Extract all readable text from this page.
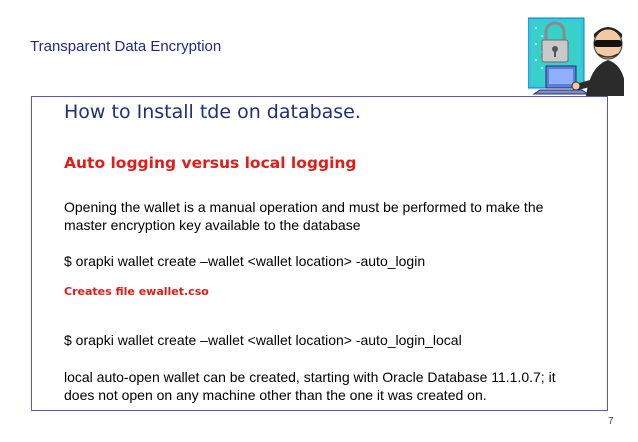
Transparent Data Encryption
How to Install tde on database.
Auto logging versus local logging
Opening the wallet is a manual operation and must be performed to make the master encryption key available to the database
$ orapki wallet create –wallet <wallet location> -auto_login
Creates file ewallet.cso
$ orapki wallet create –wallet <wallet location> -auto_login_local
local auto-open wallet can be created, starting with Oracle Database 11.1.0.7; it does not open on any machine other than the one it was created on.
7
